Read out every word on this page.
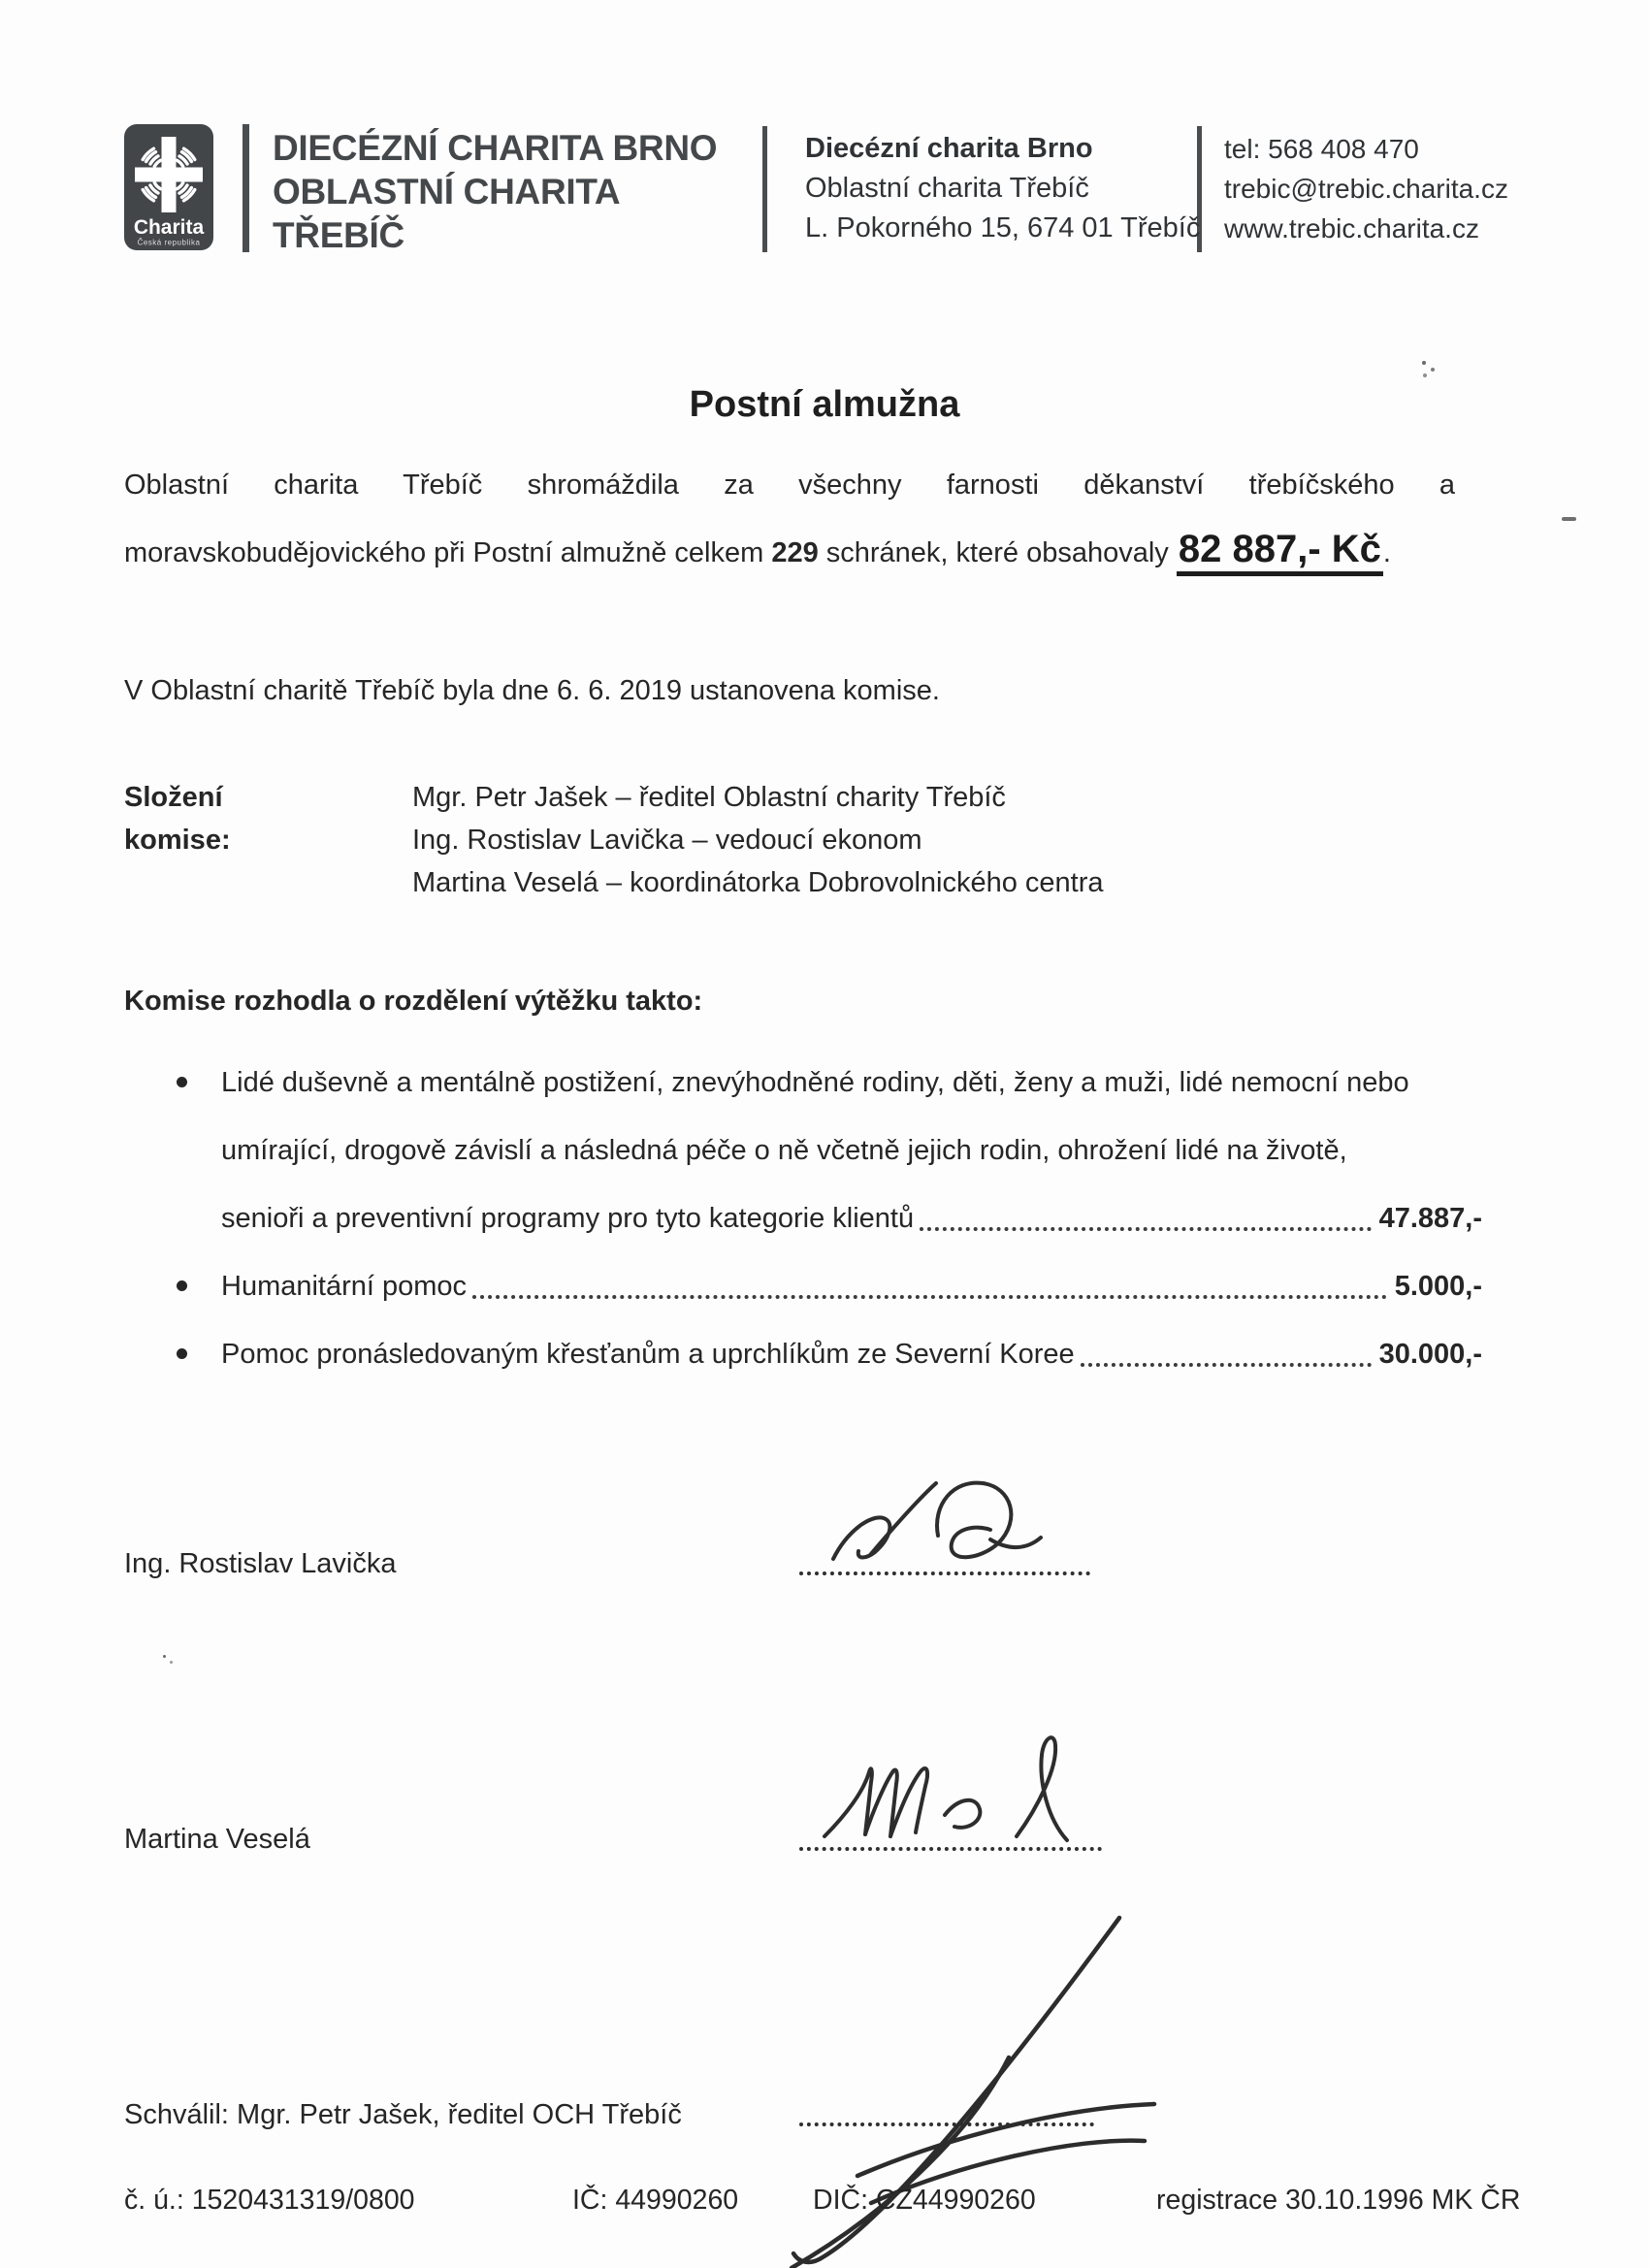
Charita
Česká republika
DIECÉZNÍ CHARITA BRNO
OBLASTNÍ CHARITA
TŘEBÍČ
Diecézní charita Brno
Oblastní charita Třebíč
L. Pokorného 15, 674 01 Třebíč
tel: 568 408 470
trebic@trebic.charita.cz
www.trebic.charita.cz
Postní almužna
Oblastní charita Třebíč shromáždila za všechny farnosti děkanství třebíčského a
moravskobudějovického při Postní almužně celkem 229 schránek, které obsahovaly 82 887,- Kč.
V Oblastní charitě Třebíč byla dne 6. 6. 2019 ustanovena komise.
Složení komise:
Mgr. Petr Jašek – ředitel Oblastní charity Třebíč
Ing. Rostislav Lavička – vedoucí ekonom
Martina Veselá – koordinátorka Dobrovolnického centra
Komise rozhodla o rozdělení výtěžku takto:
Lidé duševně a mentálně postižení, znevýhodněné rodiny, děti, ženy a muži, lidé nemocní nebo
umírající, drogově závislí a následná péče o ně včetně jejich rodin, ohrožení lidé na životě,
senioři a preventivní programy pro tyto kategorie klientů	47.887,-
Humanitární pomoc	5.000,-
Pomoc pronásledovaným křesťanům a uprchlíkům ze Severní Koree	30.000,-
Ing. Rostislav Lavička
Martina Veselá
Schválil: Mgr. Petr Jašek, ředitel OCH Třebíč
č. ú.: 1520431319/0800	IČ: 44990260	DIČ: CZ44990260	registrace 30.10.1996 MK ČR
